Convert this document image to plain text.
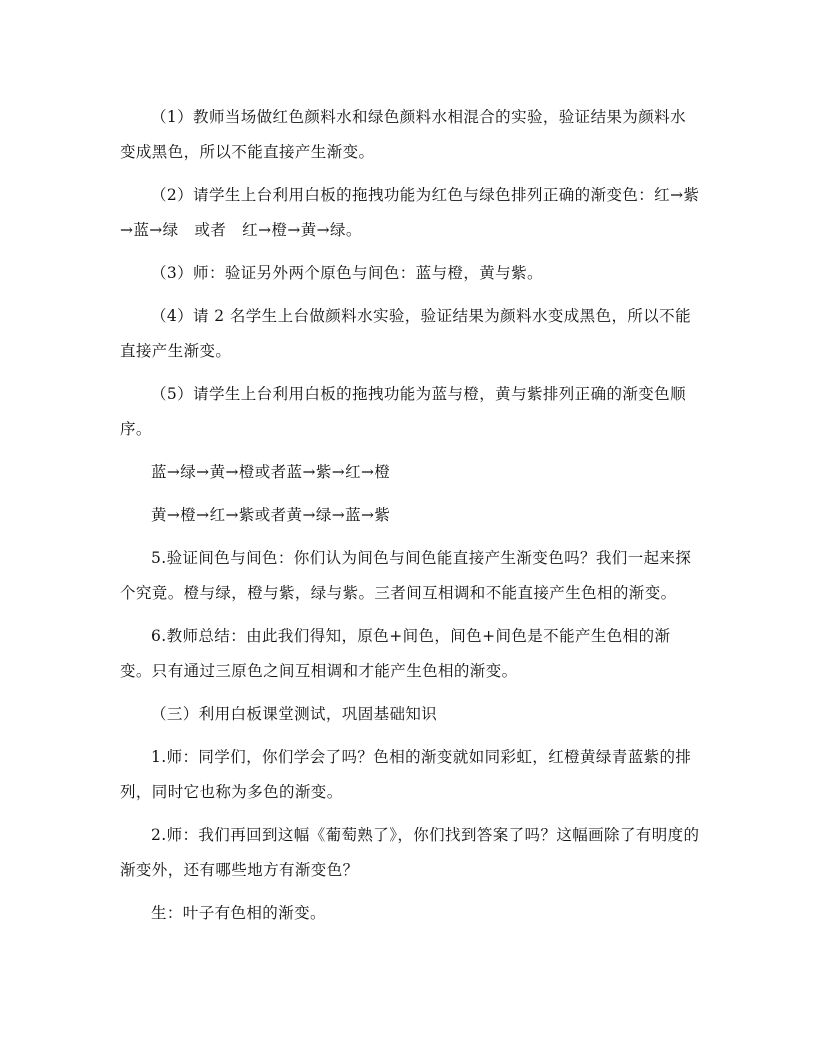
（1）教师当场做红色颜料水和绿色颜料水相混合的实验，验证结果为颜料水变成黑色，所以不能直接产生渐变。

（2）请学生上台利用白板的拖拽功能为红色与绿色排列正确的渐变色：红→紫→蓝→绿　或者　红→橙→黄→绿。

（3）师：验证另外两个原色与间色：蓝与橙，黄与紫。

（4）请 2 名学生上台做颜料水实验，验证结果为颜料水变成黑色，所以不能直接产生渐变。

（5）请学生上台利用白板的拖拽功能为蓝与橙，黄与紫排列正确的渐变色顺序。

蓝→绿→黄→橙或者蓝→紫→红→橙

黄→橙→红→紫或者黄→绿→蓝→紫

5.验证间色与间色：你们认为间色与间色能直接产生渐变色吗？我们一起来探个究竟。橙与绿，橙与紫，绿与紫。三者间互相调和不能直接产生色相的渐变。

6.教师总结：由此我们得知，原色+间色，间色+间色是不能产生色相的渐变。只有通过三原色之间互相调和才能产生色相的渐变。

（三）利用白板课堂测试，巩固基础知识

1.师：同学们，你们学会了吗？色相的渐变就如同彩虹，红橙黄绿青蓝紫的排列，同时它也称为多色的渐变。

2.师：我们再回到这幅《葡萄熟了》，你们找到答案了吗？这幅画除了有明度的渐变外，还有哪些地方有渐变色？

生：叶子有色相的渐变。
